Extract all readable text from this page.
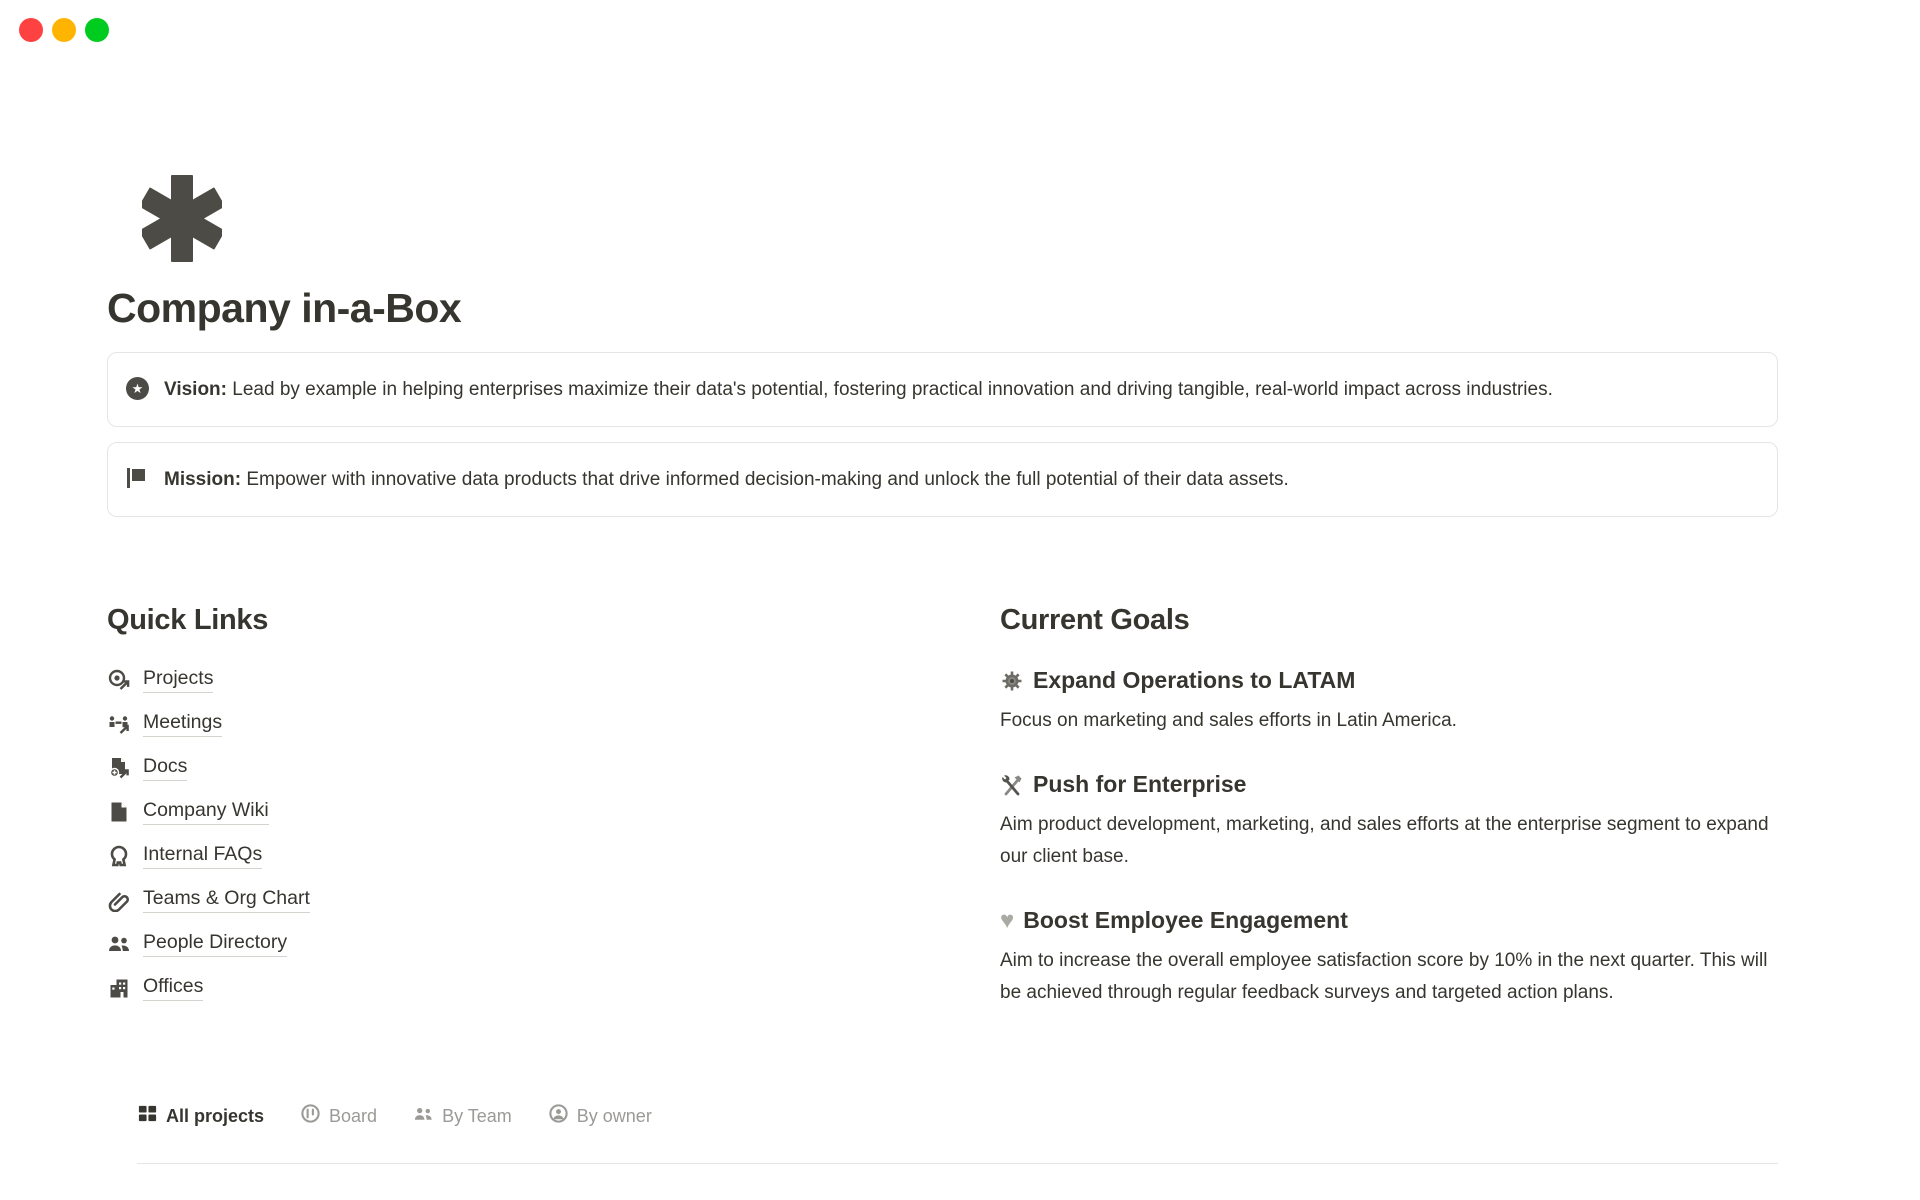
Company in-a-Box
★ Vision: Lead by example in helping enterprises maximize their data's potential, fostering practical innovation and driving tangible, real-world impact across industries.
Mission: Empower with innovative data products that drive informed decision-making and unlock the full potential of their data assets.
Quick Links
Projects
Meetings
Docs
Company Wiki
Internal FAQs
Teams & Org Chart
People Directory
Offices
Current Goals
Expand Operations to LATAM

Focus on marketing and sales efforts in Latin America.

Push for Enterprise

Aim product development, marketing, and sales efforts at the enterprise segment to expand our client base.

♥ Boost Employee Engagement

Aim to increase the overall employee satisfaction score by 10% in the next quarter. This will be achieved through regular feedback surveys and targeted action plans.

All projects	Board	By Team	By owner
